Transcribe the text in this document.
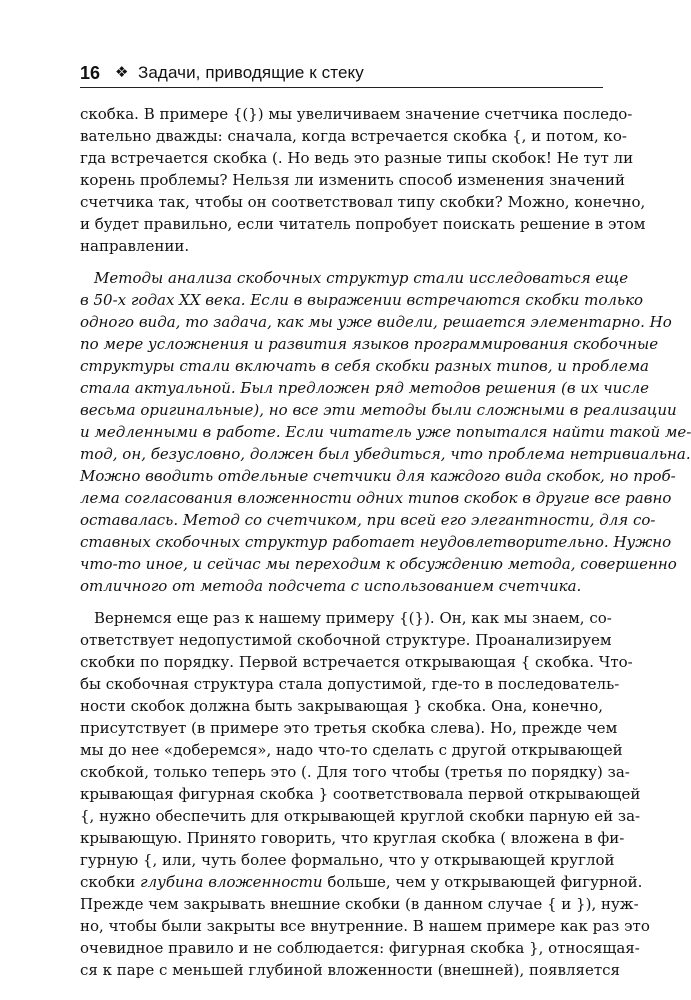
16 ❖ Задачи, приводящие к стеку
скобка. В примере {(}) мы увеличиваем значение счетчика последо-
вательно дважды: сначала, когда встречается скобка {, и потом, ко-
гда встречается скобка (. Но ведь это разные типы скобок! Не тут ли
корень проблемы? Нельзя ли изменить способ изменения значений
счетчика так, чтобы он соответствовал типу скобки? Можно, конечно,
и будет правильно, если читатель попробует поискать решение в этом
направлении.
Методы анализа скобочных структур стали исследоваться еще
в 50-х годах XX века. Если в выражении встречаются скобки только
одного вида, то задача, как мы уже видели, решается элементарно. Но
по мере усложнения и развития языков программирования скобочные
структуры стали включать в себя скобки разных типов, и проблема
стала актуальной. Был предложен ряд методов решения (в их числе
весьма оригинальные), но все эти методы были сложными в реализации
и медленными в работе. Если читатель уже попытался найти такой ме-
тод, он, безусловно, должен был убедиться, что проблема нетривиальна.
Можно вводить отдельные счетчики для каждого вида скобок, но проб-
лема согласования вложенности одних типов скобок в другие все равно
оставалась. Метод со счетчиком, при всей его элегантности, для со-
ставных скобочных структур работает неудовлетворительно. Нужно
что-то иное, и сейчас мы переходим к обсуждению метода, совершенно
отличного от метода подсчета с использованием счетчика.
Вернемся еще раз к нашему примеру {(}). Он, как мы знаем, со-
ответствует недопустимой скобочной структуре. Проанализируем
скобки по порядку. Первой встречается открывающая { скобка. Что-
бы скобочная структура стала допустимой, где-то в последователь-
ности скобок должна быть закрывающая } скобка. Она, конечно,
присутствует (в примере это третья скобка слева). Но, прежде чем
мы до нее «доберемся», надо что-то сделать с другой открывающей
скобкой, только теперь это (. Для того чтобы (третья по порядку) за-
крывающая фигурная скобка } соответствовала первой открывающей
{, нужно обеспечить для открывающей круглой скобки парную ей за-
крывающую. Принято говорить, что круглая скобка ( вложена в фи-
гурную {, или, чуть более формально, что у открывающей круглой
скобки глубина вложенности больше, чем у открывающей фигурной.
Прежде чем закрывать внешние скобки (в данном случае { и }), нуж-
но, чтобы были закрыты все внутренние. В нашем примере как раз это
очевидное правило и не соблюдается: фигурная скобка }, относящая-
ся к паре с меньшей глубиной вложенности (внешней), появляется
